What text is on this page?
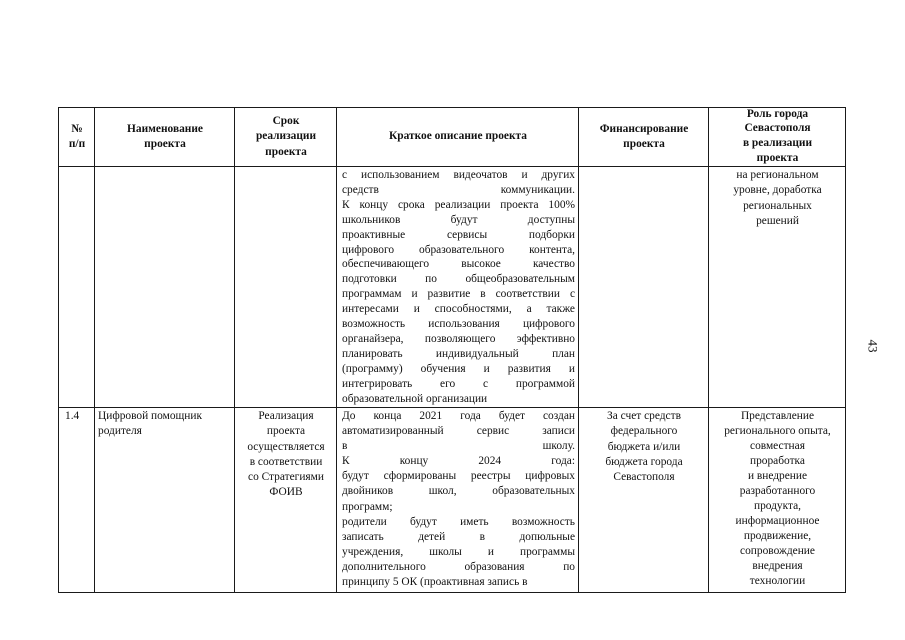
№
п/п
Наименование
проекта
Срок
реализации
проекта
Краткое описание проекта
Финансирование
проекта
Роль города
Севастополя
в реализации
проекта
с использованием видеочатов и других
средств коммуникации.
К концу срока реализации проекта 100%
школьников будут доступны
проактивные сервисы подборки
цифрового образовательного контента,
обеспечивающего высокое качество
подготовки по общеобразовательным
программам и развитие в соответствии с
интересами и способностями, а также
возможность использования цифрового
органайзера, позволяющего эффективно
планировать индивидуальный план
(программу) обучения и развития и
интегрировать его с программой
образовательной организации
на региональном
уровне, доработка
региональных
решений
1.4	Цифровой помощник
родителя
Реализация
проекта
осуществляется
в соответствии
со Стратегиями
ФОИВ
До конца 2021 года будет создан
автоматизированный сервис записи
в школу.
К концу 2024 года:
будут сформированы реестры цифровых
двойников школ, образовательных
программ;
родители будут иметь возможность
записать детей в допюльные
учреждения, школы и программы
дополнительного образования по
принципу 5 ОК (проактивная запись в
За счет средств
федерального
бюджета и/или
бюджета города
Севастополя
Представление
регионального опыта,
совместная
проработка
и внедрение
разработанного
продукта,
информационное
продвижение,
сопровождение
внедрения
технологии
43
